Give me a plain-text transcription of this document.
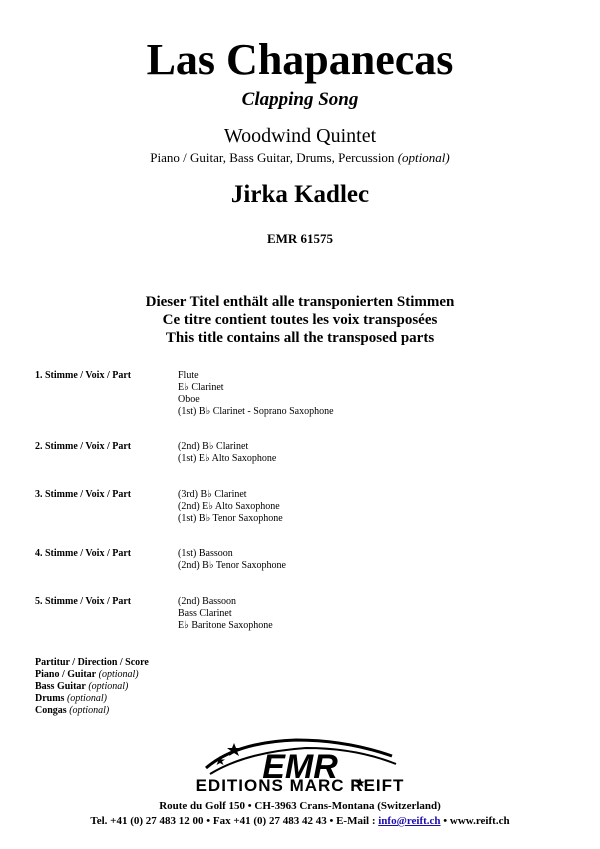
Las Chapanecas
Clapping Song
Woodwind Quintet
Piano / Guitar, Bass Guitar, Drums, Percussion (optional)
Jirka Kadlec
EMR 61575
Dieser Titel enthält alle transponierten Stimmen
Ce titre contient toutes les voix transposées
This title contains all the transposed parts
1. Stimme / Voix / Part	Flute
E♭ Clarinet
Oboe
(1st) B♭ Clarinet - Soprano Saxophone
2. Stimme / Voix / Part	(2nd) B♭ Clarinet
(1st) E♭ Alto Saxophone
3. Stimme / Voix / Part	(3rd) B♭ Clarinet
(2nd) E♭ Alto Saxophone
(1st) B♭ Tenor Saxophone
4. Stimme / Voix / Part	(1st) Bassoon
(2nd) B♭ Tenor Saxophone
5. Stimme / Voix / Part	(2nd) Bassoon
Bass Clarinet
E♭ Baritone Saxophone
Partitur / Direction / Score
Piano / Guitar (optional)
Bass Guitar (optional)
Drums (optional)
Congas (optional)
EMR
EDITIONS MARC REIFT
Route du Golf 150 • CH-3963 Crans-Montana (Switzerland)
Tel. +41 (0) 27 483 12 00 • Fax +41 (0) 27 483 42 43 • E-Mail : info@reift.ch • www.reift.ch
